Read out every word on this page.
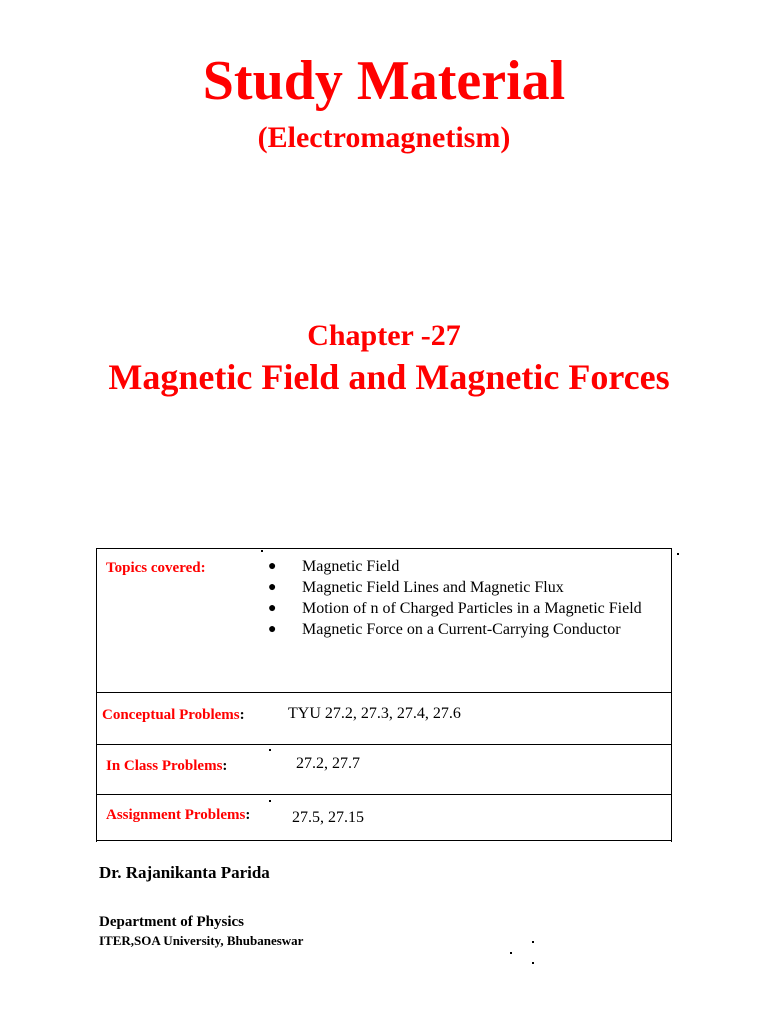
Study Material
(Electromagnetism)
Chapter -27
Magnetic Field and Magnetic Forces
Topics covered:	● Magnetic Field
● Magnetic Field Lines and Magnetic Flux
● Motion of n of Charged Particles in a Magnetic Field
● Magnetic Force on a Current-Carrying Conductor
Conceptual Problems:	TYU 27.2, 27.3, 27.4, 27.6
In Class Problems:	27.2, 27.7
Assignment Problems:	27.5, 27.15
Dr. Rajanikanta Parida
Department of Physics
ITER,SOA University, Bhubaneswar
